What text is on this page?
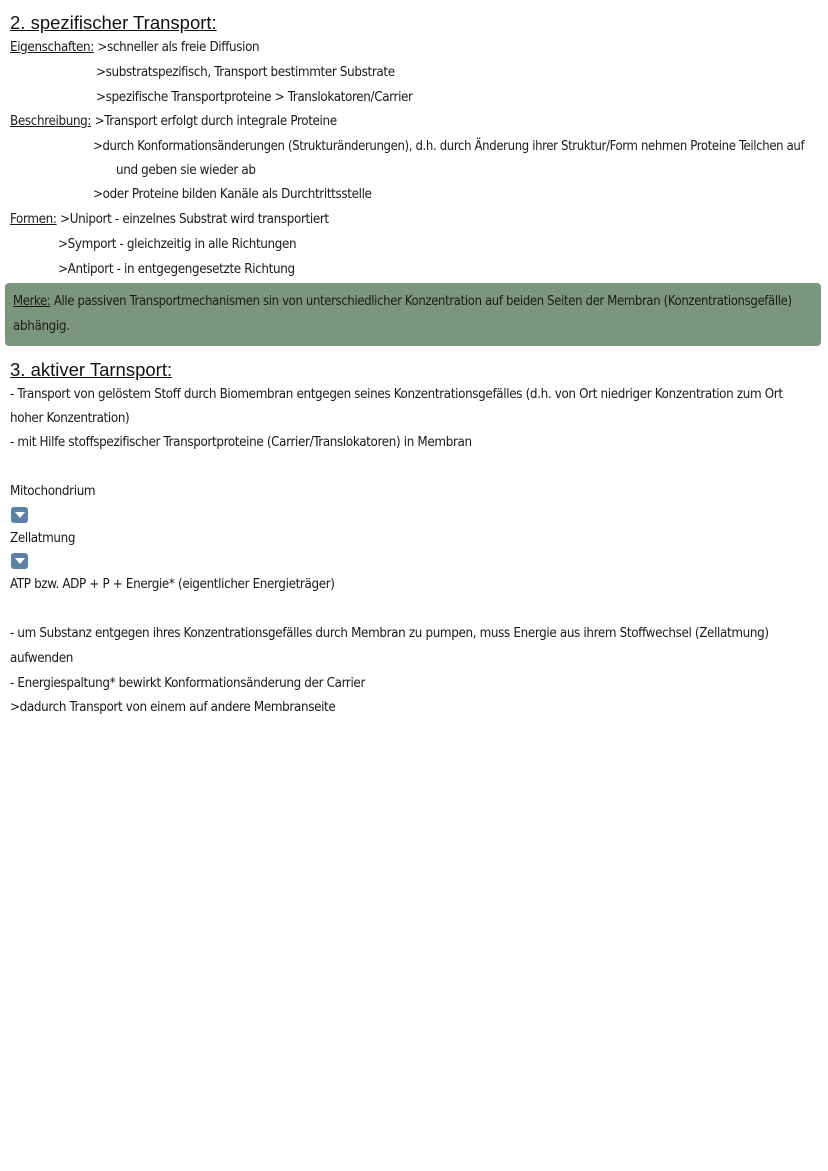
2. spezifischer Transport:
Eigenschaften: >schneller als freie Diffusion
>substratspezifisch, Transport bestimmter Substrate
>spezifische Transportproteine > Translokatoren/Carrier
Beschreibung: >Transport erfolgt durch integrale Proteine
>durch Konformationsänderungen (Strukturänderungen), d.h. durch Änderung ihrer Struktur/Form nehmen Proteine Teilchen auf
und geben sie wieder ab
>oder Proteine bilden Kanäle als Durchtrittsstelle
Formen: >Uniport - einzelnes Substrat wird transportiert
>Symport - gleichzeitig in alle Richtungen
>Antiport - in entgegengesetzte Richtung
Merke: Alle passiven Transportmechanismen sin von unterschiedlicher Konzentration auf beiden Seiten der Membran (Konzentrationsgefälle)
abhängig.
3. aktiver Tarnsport:
- Transport von gelöstem Stoff durch Biomembran entgegen seines Konzentrationsgefälles (d.h. von Ort niedriger Konzentration zum Ort
hoher Konzentration)
- mit Hilfe stoffspezifischer Transportproteine (Carrier/Translokatoren) in Membran
Mitochondrium
Zellatmung
ATP bzw. ADP + P + Energie* (eigentlicher Energieträger)
- um Substanz entgegen ihres Konzentrationsgefälles durch Membran zu pumpen, muss Energie aus ihrem Stoffwechsel (Zellatmung)
aufwenden
- Energiespaltung* bewirkt Konformationsänderung der Carrier
>dadurch Transport von einem auf andere Membranseite
